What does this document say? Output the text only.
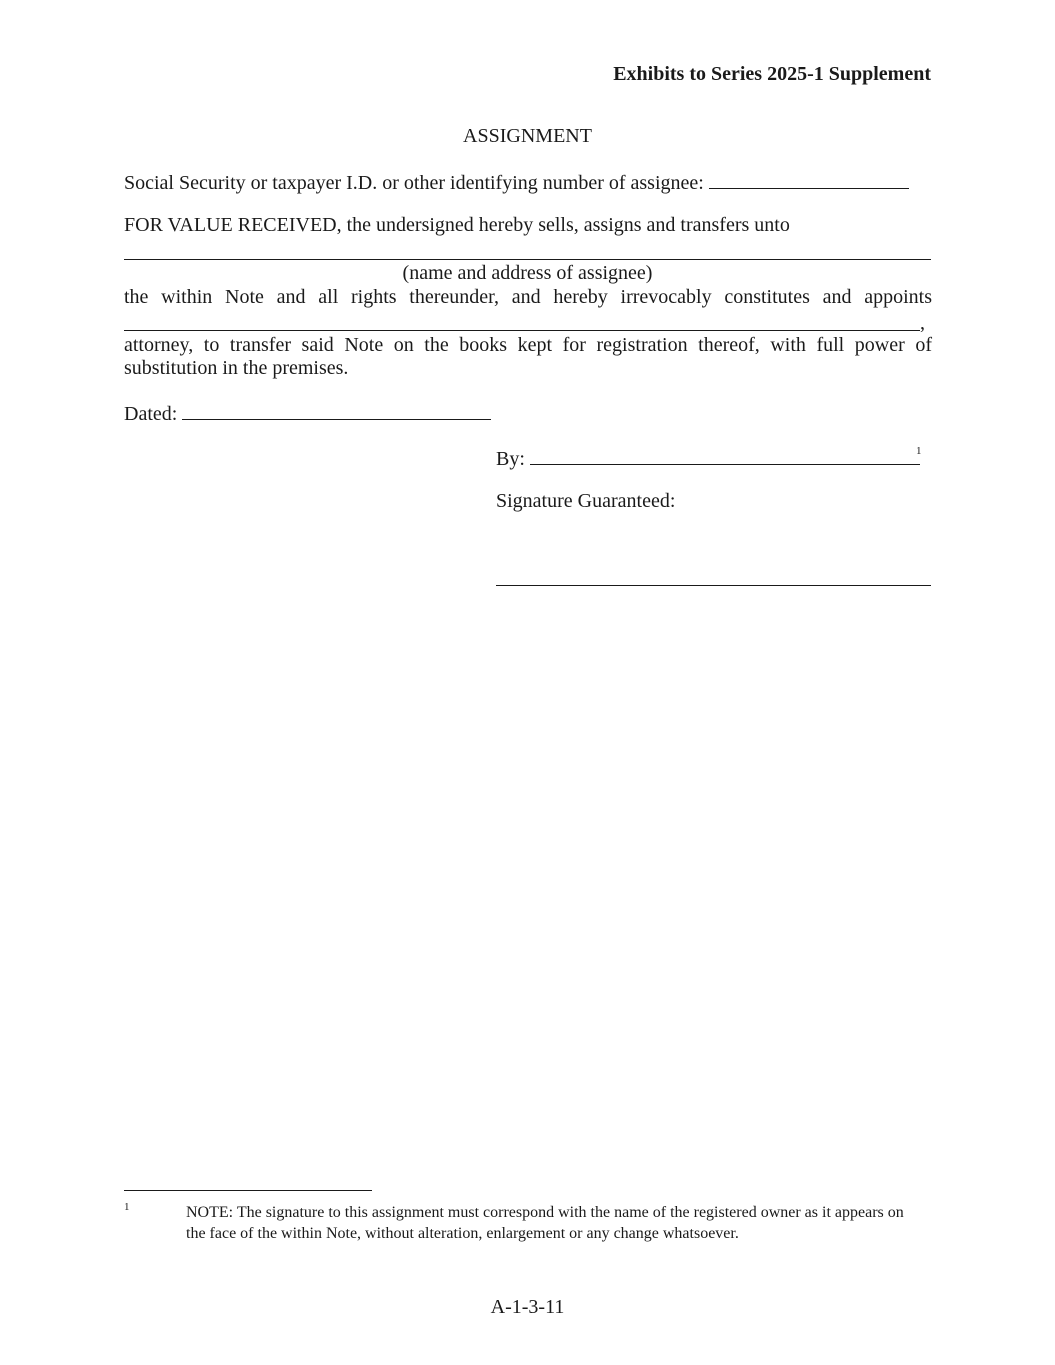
Exhibits to Series 2025-1 Supplement
ASSIGNMENT
Social Security or taxpayer I.D. or other identifying number of assignee:
FOR VALUE RECEIVED, the undersigned hereby sells, assigns and transfers unto
(name and address of assignee)
the within Note and all rights thereunder, and hereby irrevocably constitutes and appoints
,
attorney, to transfer said Note on the books kept for registration thereof, with full power of substitution in the premises.
Dated:
By:	1
Signature Guaranteed:
1	NOTE: The signature to this assignment must correspond with the name of the registered owner as it appears on the face of the within Note, without alteration, enlargement or any change whatsoever.
A-1-3-11
